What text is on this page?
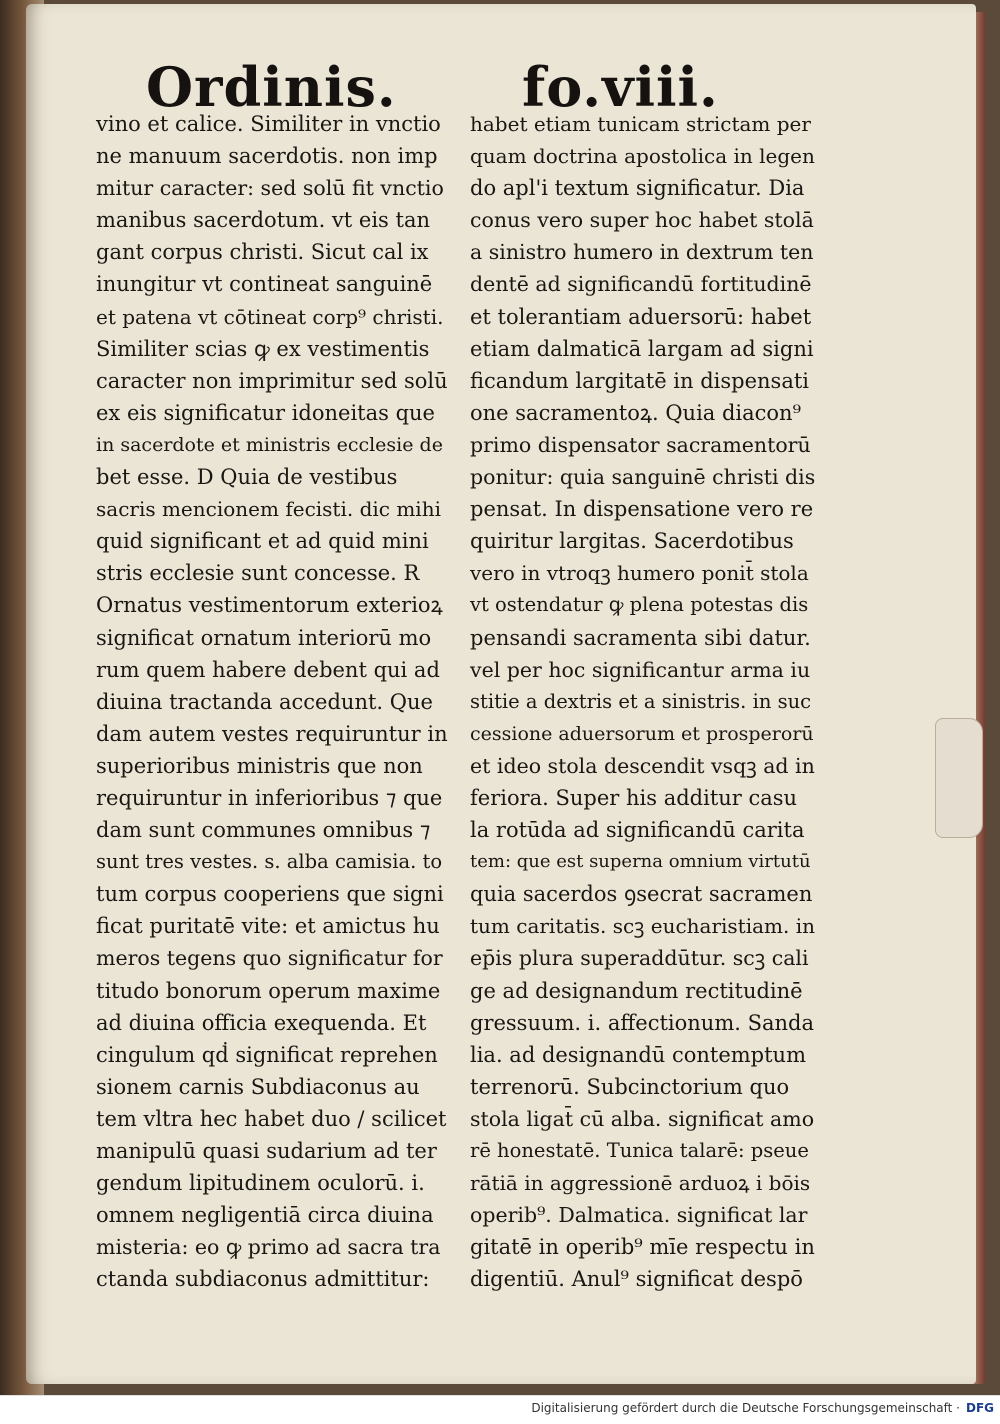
Ordinis. fo.viii.
vino et calice. Similiter in vnctio
ne manuum sacerdotis. non imp
mitur caracter: sed solū fit vnctio
manibus sacerdotum. vt eis tan
gant corpus christi. Sicut cal ix
inungitur vt contineat sanguinē
et patena vt cōtineat corp⁹ christi.
Similiter scias ꝙ ex vestimentis
caracter non imprimitur sed solū
ex eis significatur idoneitas que
in sacerdote et ministris ecclesie de
bet esse. D Quia de vestibus
sacris mencionem fecisti. dic mihi
quid significant et ad quid mini
stris ecclesie sunt concesse. R
Ornatus vestimentorum exterioꝝ
significat ornatum interiorū mo
rum quem habere debent qui ad
diuina tractanda accedunt. Que
dam autem vestes requiruntur in
superioribus ministris que non
requiruntur in inferioribus ⁊ que
dam sunt communes omnibus ⁊
sunt tres vestes. s. alba camisia. to
tum corpus cooperiens que signi
ficat puritatē vite: et amictus hu
meros tegens quo significatur for
titudo bonorum operum maxime
ad diuina officia exequenda. Et
cingulum qḋ significat reprehen
sionem carnis Subdiaconus au
tem vltra hec habet duo / scilicet
manipulū quasi sudarium ad ter
gendum lipitudinem oculorū. i.
omnem negligentiā circa diuina
misteria: eo ꝙ primo ad sacra tra
ctanda subdiaconus admittitur:
habet etiam tunicam strictam per
quam doctrina apostolica in legen
do apl'i textum significatur. Dia
conus vero super hoc habet stolā
a sinistro humero in dextrum ten
dentē ad significandū fortitudinē
et tolerantiam aduersorū: habet
etiam dalmaticā largam ad signi
ficandum largitatē in dispensati
one sacramentoꝝ. Quia diacon⁹
primo dispensator sacramentorū
ponitur: quia sanguinē christi dis
pensat. In dispensatione vero re
quiritur largitas. Sacerdotibus
vero in vtroqꝫ humero ponit̄ stola
vt ostendatur ꝙ plena potestas dis
pensandi sacramenta sibi datur.
vel per hoc significantur arma iu
stitie a dextris et a sinistris. in suc
cessione aduersorum et prosperorū
et ideo stola descendit vsqꝫ ad in
feriora. Super his additur casu
la rotūda ad significandū carita
tem: que est superna omnium virtutū
quia sacerdos ꝯsecrat sacramen
tum caritatis. scꝫ eucharistiam. in
ep̄is plura superaddūtur. scꝫ cali
ge ad designandum rectitudinē
gressuum. i. affectionum. Sanda
lia. ad designandū contemptum
terrenorū. Subcinctorium quo
stola ligat̄ cū alba. significat amo
rē honestatē. Tunica talarē: pseue
rātiā in aggressionē arduoꝝ i bōis
operib⁹. Dalmatica. significat lar
gitatē in operib⁹ mīe respectu in
digentiū. Anul⁹ significat despō
Digitalisierung gefördert durch die Deutsche Forschungsgemeinschaft · DFG
